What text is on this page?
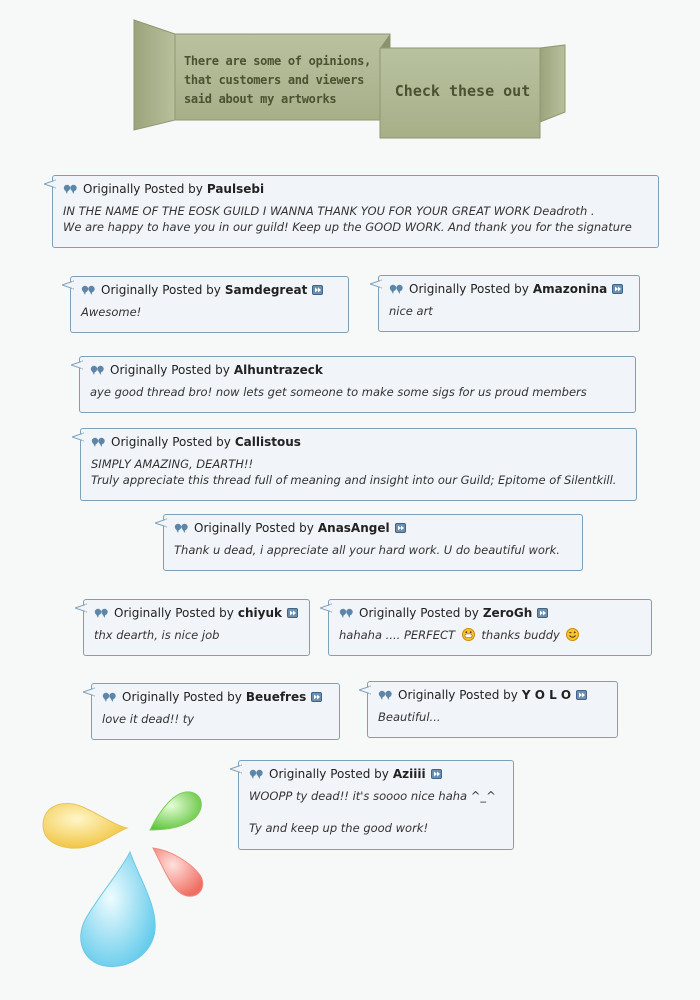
There are some of opinions,
that customers and viewers
said about my artworks	Check these out
Originally Posted by Paulsebi
IN THE NAME OF THE EOSK GUILD I WANNA THANK YOU FOR YOUR GREAT WORK Deadroth .
We are happy to have you in our guild! Keep up the GOOD WORK. And thank you for the signature
Originally Posted by Samdegreat
Awesome!
Originally Posted by Amazonina
nice art
Originally Posted by Alhuntrazeck
aye good thread bro! now lets get someone to make some sigs for us proud members
Originally Posted by Callistous
SIMPLY AMAZING, DEARTH!!
Truly appreciate this thread full of meaning and insight into our Guild; Epitome of Silentkill.
Originally Posted by AnasAngel
Thank u dead, i appreciate all your hard work. U do beautiful work.
Originally Posted by chiyuk
thx dearth, is nice job
Originally Posted by ZeroGh
hahaha .... PERFECT thanks buddy
Originally Posted by Beuefres
love it dead!! ty
Originally Posted by Y O L O
Beautiful...
Originally Posted by Aziiii
WOOPP ty dead!! it's soooo nice haha ^_^
Ty and keep up the good work!
